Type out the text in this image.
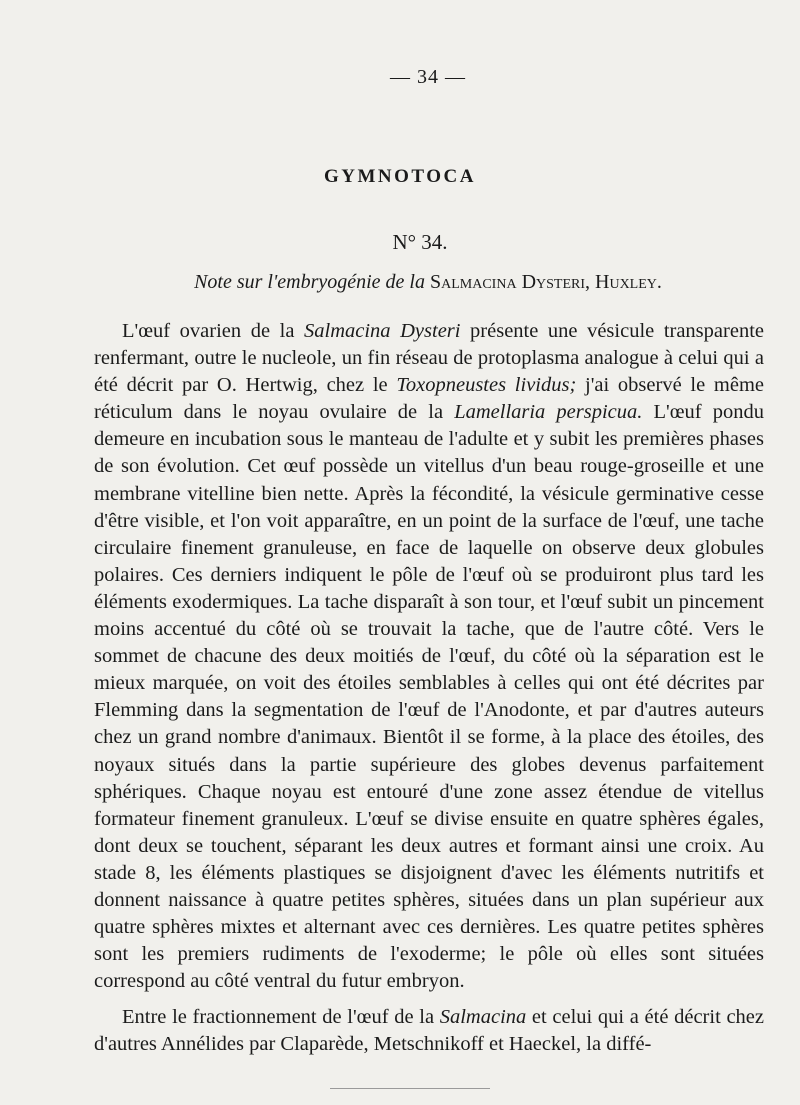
— 34 —
GYMNOTOCA
N° 34.
Note sur l'embryogénie de la Salmacina Dysteri, Huxley.

L'œuf ovarien de la Salmacina Dysteri présente une vésicule transparente renfermant, outre le nucleole, un fin réseau de protoplasma analogue à celui qui a été décrit par O. Hertwig, chez le Toxopneustes lividus; j'ai observé le même réticulum dans le noyau ovulaire de la Lamellaria perspicua. L'œuf pondu demeure en incubation sous le manteau de l'adulte et y subit les premières phases de son évolution. Cet œuf possède un vitellus d'un beau rouge-groseille et une membrane vitelline bien nette. Après la fécondité, la vésicule germinative cesse d'être visible, et l'on voit apparaître, en un point de la surface de l'œuf, une tache circulaire finement granuleuse, en face de laquelle on observe deux globules polaires. Ces derniers indiquent le pôle de l'œuf où se produiront plus tard les éléments exodermiques. La tache disparaît à son tour, et l'œuf subit un pincement moins accentué du côté où se trouvait la tache, que de l'autre côté. Vers le sommet de chacune des deux moitiés de l'œuf, du côté où la séparation est le mieux marquée, on voit des étoiles semblables à celles qui ont été décrites par Flemming dans la segmentation de l'œuf de l'Anodonte, et par d'autres auteurs chez un grand nombre d'animaux. Bientôt il se forme, à la place des étoiles, des noyaux situés dans la partie supérieure des globes devenus parfaitement sphériques. Chaque noyau est entouré d'une zone assez étendue de vitellus formateur finement granuleux. L'œuf se divise ensuite en quatre sphères égales, dont deux se touchent, séparant les deux autres et formant ainsi une croix. Au stade 8, les éléments plastiques se disjoignent d'avec les éléments nutritifs et donnent naissance à quatre petites sphères, situées dans un plan supérieur aux quatre sphères mixtes et alternant avec ces dernières. Les quatre petites sphères sont les premiers rudiments de l'exoderme; le pôle où elles sont situées correspond au côté ventral du futur embryon.

Entre le fractionnement de l'œuf de la Salmacina et celui qui a été décrit chez d'autres Annélides par Claparède, Metschnikoff et Haeckel, la diffé-
